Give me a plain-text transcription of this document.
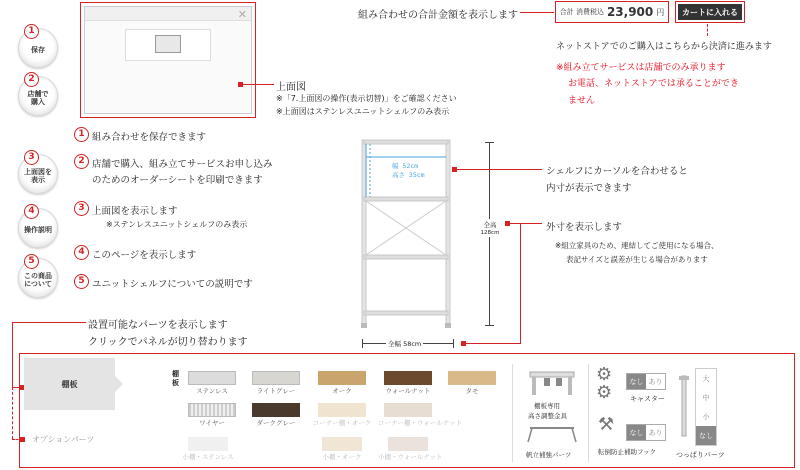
保存
1
店舗で
購入
2
上面図を
表示
3
操作説明
4
この商品
について
5
✕
上面図
※「7.上面図の操作(表示切替)」をご確認ください
※上面図はステンレスユニットシェルフのみ表示
1 組み合わせを保存できます
2 店舗で購入、組み立てサービスお申し込み
のためのオーダーシートを印刷できます
3 上面図を表示します
※ステンレスユニットシェルフのみ表示
4 このページを表示します
5 ユニットシェルフについての説明です
組み合わせの合計金額を表示します	合計 消費税込 23,900 円	カートに入れる
ネットストアでのご購入はこちらから決済に進みます
※組み立てサービスは店舗でのみ承ります
お電話、ネットストアでは承ることができ
ません
幅 52cm
高さ 35cm
全高
128cm
全幅 58cm
シェルフにカーソルを合わせると
内寸が表示できます
外寸を表示します
※組立家具のため、連結してご使用になる場合、
表記サイズと誤差が生じる場合があります
設置可能なパーツを表示します
クリックでパネルが切り替わります
棚板
オプションパーツ
棚板
ステンレス	ライトグレー	オーク	ウォールナット	タモ
ワイヤー	ダークグレー	コーナー棚・オーク コーナー棚・ウォールナット
小棚・ステンレス	小棚・オーク	小棚・ウォールナット
棚板専用
高さ調整金具
帆立補強パーツ
⚙
⚙
なし あり
キャスター
⚒	なし あり
転倒防止補助フック
大
中
小
なし
つっぱりパーツ
